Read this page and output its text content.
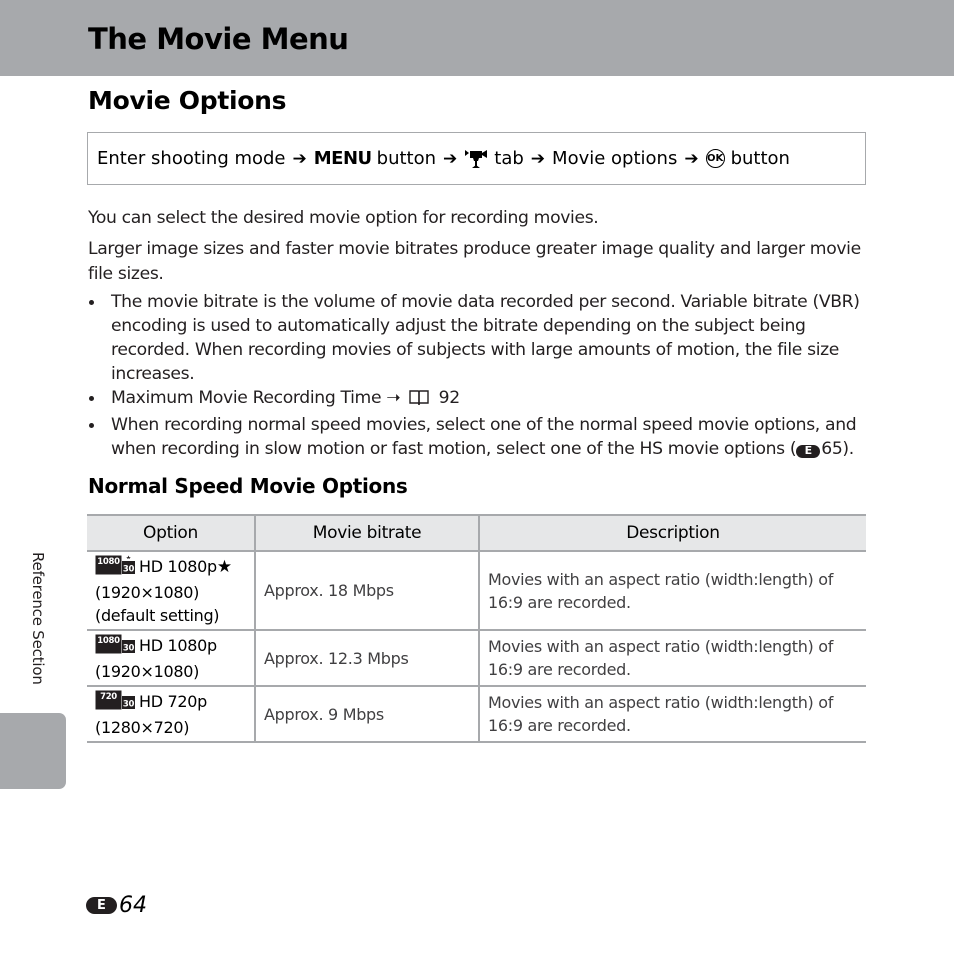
The Movie Menu
Movie Options
Enter shooting mode ➔ MENU button ➔ tab ➔ Movie options ➔ OK button

You can select the desired movie option for recording movies.

Larger image sizes and faster movie bitrates produce greater image quality and larger movie
file sizes.

The movie bitrate is the volume of movie data recorded per second. Variable bitrate (VBR) encoding is used to automatically adjust the bitrate depending on the subject being recorded. When recording movies of subjects with large amounts of motion, the file size increases.
Maximum Movie Recording Time ➝ 92
When recording normal speed movies, select one of the normal speed movie options, and when recording in slow motion or fast motion, select one of the HS movie options ( E 65).
Normal Speed Movie Options
Option	Movie bitrate	Description

1080
30 HD 1080p★
(1920×1080)
(default setting)	Approx. 18 Mbps	Movies with an aspect ratio (width:length) of
16:9 are recorded.

1080
30 HD 1080p
(1920×1080)	Approx. 12.3 Mbps	Movies with an aspect ratio (width:length) of
16:9 are recorded.

720
30 HD 720p
(1280×720)	Approx. 9 Mbps	Movies with an aspect ratio (width:length) of
16:9 are recorded.
Reference Section
E 64
